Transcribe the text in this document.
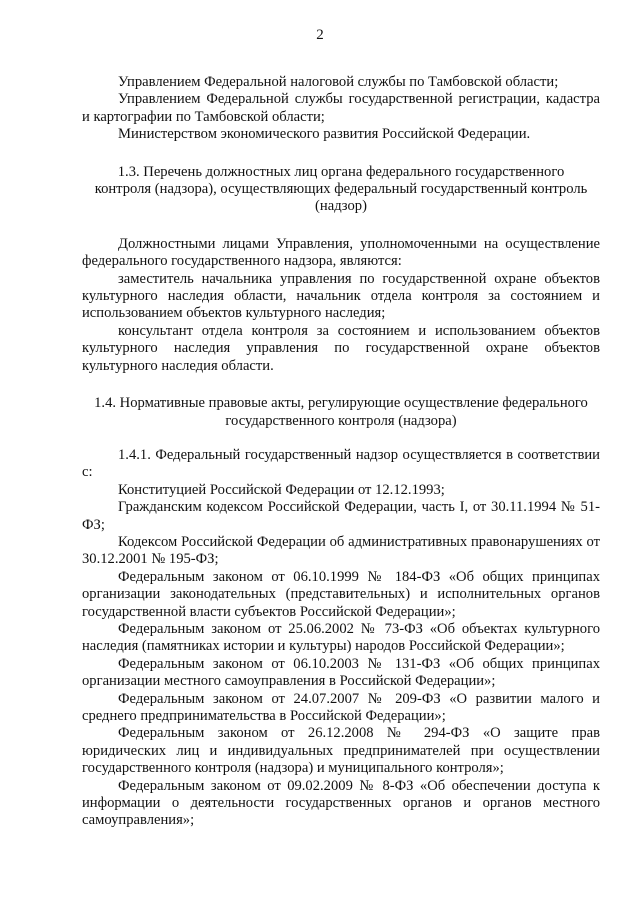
2

Управлением Федеральной налоговой службы по Тамбовской области;

Управлением Федеральной службы государственной регистрации, кадастра и картографии по Тамбовской области;

Министерством экономического развития Российской Федерации.

1.3. Перечень должностных лиц органа федерального государственного контроля (надзора), осуществляющих федеральный государственный контроль (надзор)

Должностными лицами Управления, уполномоченными на осуществление федерального государственного надзора, являются:

заместитель начальника управления по государственной охране объектов культурного наследия области, начальник отдела контроля за состоянием и использованием объектов культурного наследия;

консультант отдела контроля за состоянием и использованием объектов культурного наследия управления по государственной охране объектов культурного наследия области.

1.4. Нормативные правовые акты, регулирующие осуществление федерального государственного контроля (надзора)

1.4.1. Федеральный государственный надзор осуществляется в соответствии с:

Конституцией Российской Федерации от 12.12.1993;

Гражданским кодексом Российской Федерации, часть I, от 30.11.1994 № 51-ФЗ;

Кодексом Российской Федерации об административных правонарушениях от 30.12.2001 № 195-ФЗ;

Федеральным законом от 06.10.1999 № 184-ФЗ «Об общих принципах организации законодательных (представительных) и исполнительных органов государственной власти субъектов Российской Федерации»;

Федеральным законом от 25.06.2002 № 73-ФЗ «Об объектах культурного наследия (памятниках истории и культуры) народов Российской Федерации»;

Федеральным законом от 06.10.2003 № 131-ФЗ «Об общих принципах организации местного самоуправления в Российской Федерации»;

Федеральным законом от 24.07.2007 № 209-ФЗ «О развитии малого и среднего предпринимательства в Российской Федерации»;

Федеральным законом от 26.12.2008 № 294-ФЗ «О защите прав юридических лиц и индивидуальных предпринимателей при осуществлении государственного контроля (надзора) и муниципального контроля»;

Федеральным законом от 09.02.2009 № 8-ФЗ «Об обеспечении доступа к информации о деятельности государственных органов и органов местного самоуправления»;
